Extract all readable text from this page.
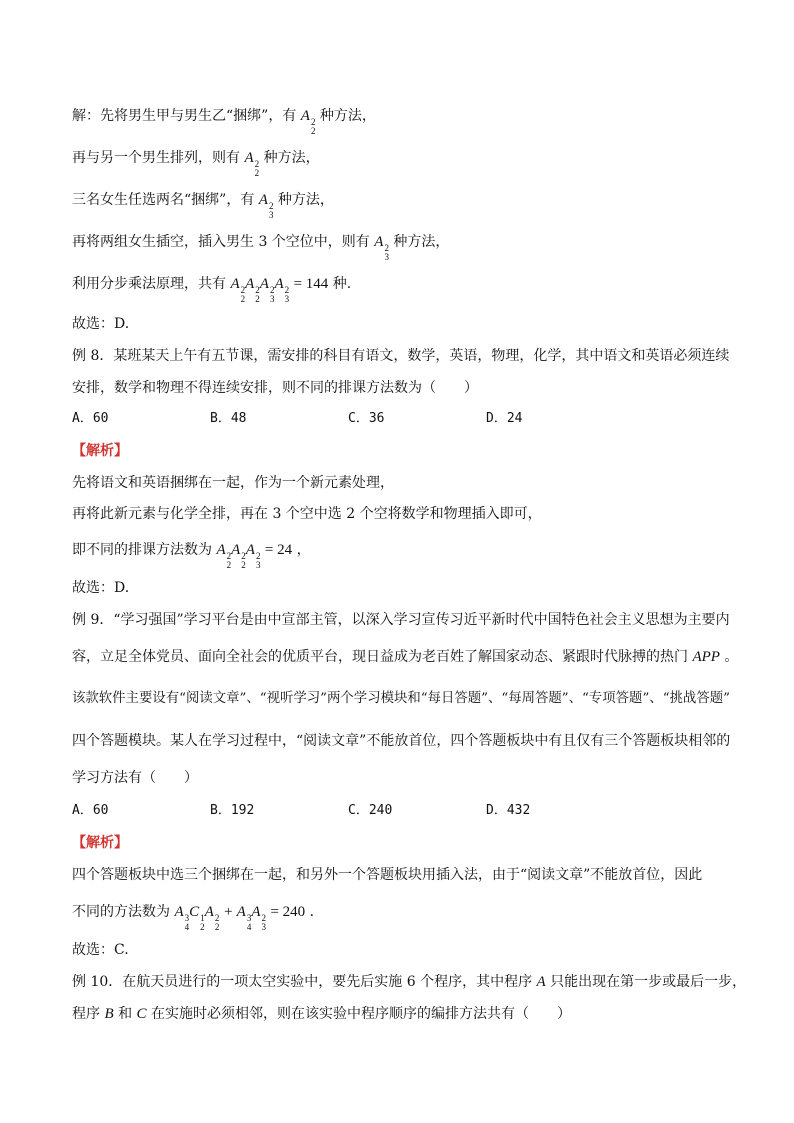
解：先将男生甲与男生乙“捆绑”，有 A 2
2
种方法，
再与另一个男生排列，则有 A 2
2
种方法，
三名女生任选两名“捆绑”，有 A 2
3
种方法，
再将两组女生插空，插入男生 3 个空位中，则有 A 2
3
种方法，
利用分步乘法原理，共有 A 2
2
A 2
2
A 2
3
A 2
3
= 144 种.
故选：D.
例 8．某班某天上午有五节课，需安排的科目有语文，数学，英语，物理，化学，其中语文和英语必须连续
安排，数学和物理不得连续安排，则不同的排课方法数为（　　）
A．60	B．48	C．36	D．24
【解析】
先将语文和英语捆绑在一起，作为一个新元素处理，
再将此新元素与化学全排，再在 3 个空中选 2 个空将数学和物理插入即可，
即不同的排课方法数为 A 2
2
A 2
2
A 2
3
= 24 ，
故选：D.
例 9．“学习强国”学习平台是由中宣部主管，以深入学习宣传习近平新时代中国特色社会主义思想为主要内
容，立足全体党员、面向全社会的优质平台，现日益成为老百姓了解国家动态、紧跟时代脉搏的热门 APP 。
该款软件主要设有“阅读文章”、“视听学习”两个学习模块和“每日答题”、“每周答题”、“专项答题”、“挑战答题”
四个答题模块。某人在学习过程中，“阅读文章”不能放首位，四个答题板块中有且仅有三个答题板块相邻的
学习方法有（　　）
A．60	B．192	C．240	D．432
【解析】
四个答题板块中选三个捆绑在一起，和另外一个答题板块用插入法，由于“阅读文章”不能放首位，因此
不同的方法数为 A 3
4
C 1
2
A 2
2
+ A 3
4
A 2
3
= 240 ．
故选：C.
例 10．在航天员进行的一项太空实验中，要先后实施 6 个程序，其中程序 A 只能出现在第一步或最后一步，
程序 B 和 C 在实施时必须相邻，则在该实验中程序顺序的编排方法共有（　　）
